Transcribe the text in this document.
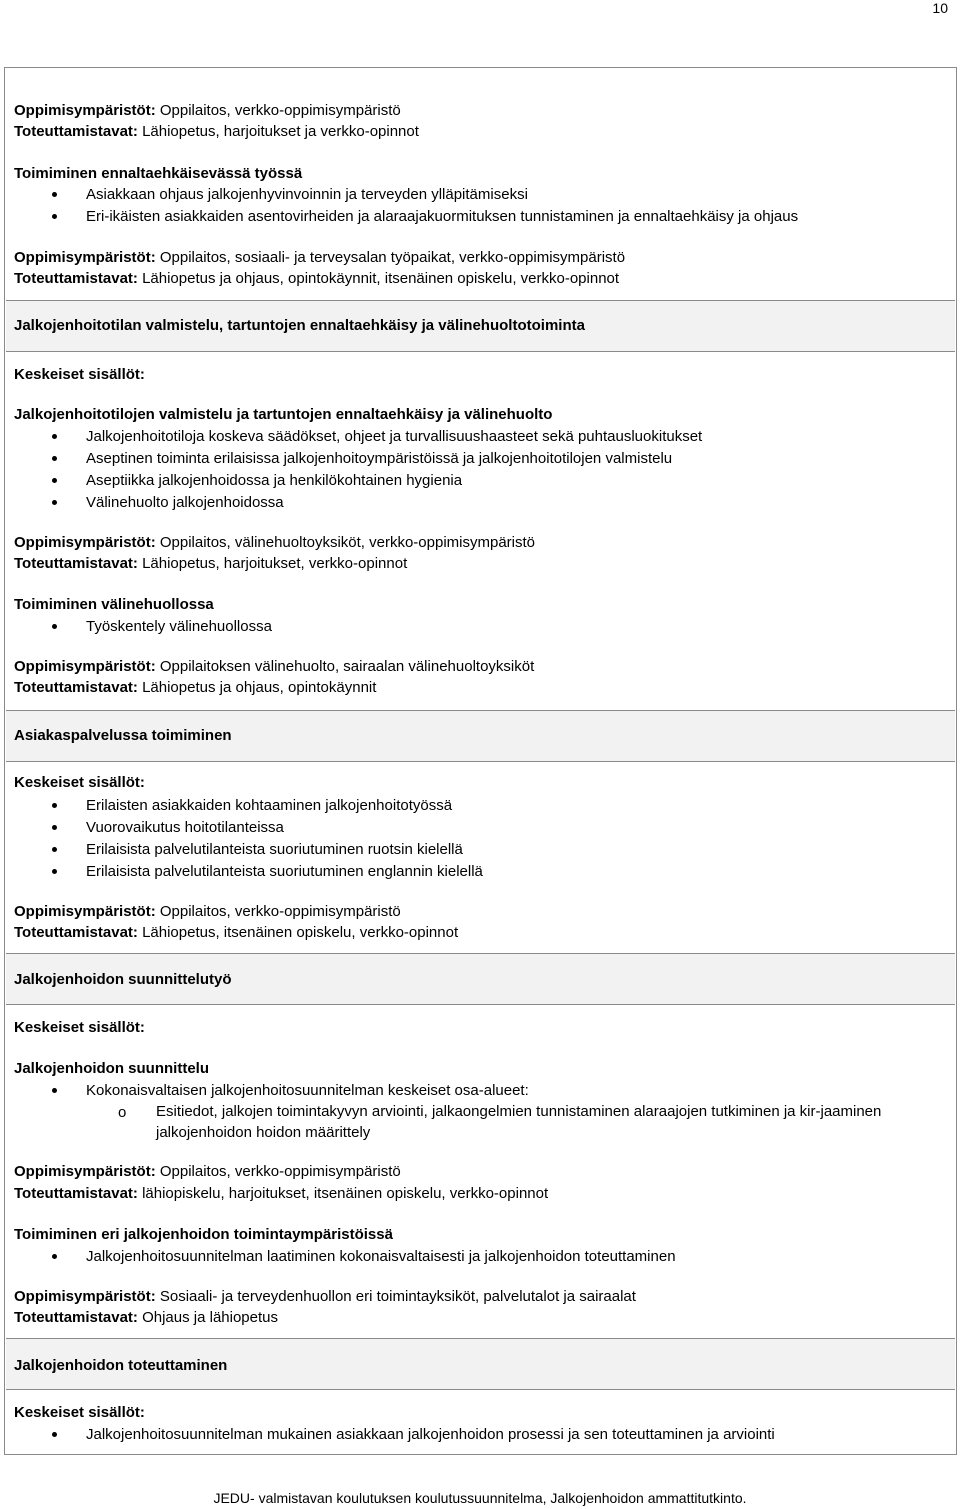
10
Oppimisympäristöt: Oppilaitos, verkko-oppimisympäristö
Toteuttamistavat: Lähiopetus, harjoitukset ja verkko-opinnot
Toimiminen ennaltaehkäisevässä työssä
Asiakkaan ohjaus jalkojenhyvinvoinnin ja terveyden ylläpitämiseksi
Eri-ikäisten asiakkaiden asentovirheiden ja alaraajakuormituksen tunnistaminen ja ennaltaehkäisy ja ohjaus
Oppimisympäristöt: Oppilaitos, sosiaali- ja terveysalan työpaikat, verkko-oppimisympäristö
Toteuttamistavat: Lähiopetus ja ohjaus, opintokäynnit, itsenäinen opiskelu, verkko-opinnot
Jalkojenhoitotilan valmistelu, tartuntojen ennaltaehkäisy ja välinehuoltotoiminta
Keskeiset sisällöt:
Jalkojenhoitotilojen valmistelu ja tartuntojen ennaltaehkäisy ja välinehuolto
Jalkojenhoitotiloja koskeva säädökset, ohjeet ja turvallisuushaasteet sekä puhtausluokitukset
Aseptinen toiminta erilaisissa jalkojenhoitoympäristöissä ja jalkojenhoitotilojen valmistelu
Aseptiikka jalkojenhoidossa ja henkilökohtainen hygienia
Välinehuolto jalkojenhoidossa
Oppimisympäristöt: Oppilaitos, välinehuoltoyksiköt, verkko-oppimisympäristö
Toteuttamistavat: Lähiopetus, harjoitukset, verkko-opinnot
Toimiminen välinehuollossa
Työskentely välinehuollossa
Oppimisympäristöt: Oppilaitoksen välinehuolto, sairaalan välinehuoltoyksiköt
Toteuttamistavat: Lähiopetus ja ohjaus, opintokäynnit
Asiakaspalvelussa toimiminen
Keskeiset sisällöt:
Erilaisten asiakkaiden kohtaaminen jalkojenhoitotyössä
Vuorovaikutus hoitotilanteissa
Erilaisista palvelutilanteista suoriutuminen ruotsin kielellä
Erilaisista palvelutilanteista suoriutuminen englannin kielellä
Oppimisympäristöt: Oppilaitos, verkko-oppimisympäristö
Toteuttamistavat: Lähiopetus, itsenäinen opiskelu, verkko-opinnot
Jalkojenhoidon suunnittelutyö
Keskeiset sisällöt:
Jalkojenhoidon suunnittelu
Kokonaisvaltaisen jalkojenhoitosuunnitelman keskeiset osa-alueet:
o Esitiedot, jalkojen toimintakyvyn arviointi, jalkaongelmien tunnistaminen alaraajojen tutkiminen ja kir-jaaminen jalkojenhoidon hoidon määrittely
Oppimisympäristöt: Oppilaitos, verkko-oppimisympäristö
Toteuttamistavat: lähiopiskelu, harjoitukset, itsenäinen opiskelu, verkko-opinnot
Toimiminen eri jalkojenhoidon toimintaympäristöissä
Jalkojenhoitosuunnitelman laatiminen kokonaisvaltaisesti ja jalkojenhoidon toteuttaminen
Oppimisympäristöt: Sosiaali- ja terveydenhuollon eri toimintayksiköt, palvelutalot ja sairaalat
Toteuttamistavat: Ohjaus ja lähiopetus
Jalkojenhoidon toteuttaminen
Keskeiset sisällöt:
Jalkojenhoitosuunnitelman mukainen asiakkaan jalkojenhoidon prosessi ja sen toteuttaminen ja arviointi
JEDU- valmistavan koulutuksen koulutussuunnitelma, Jalkojenhoidon ammattitutkinto.
